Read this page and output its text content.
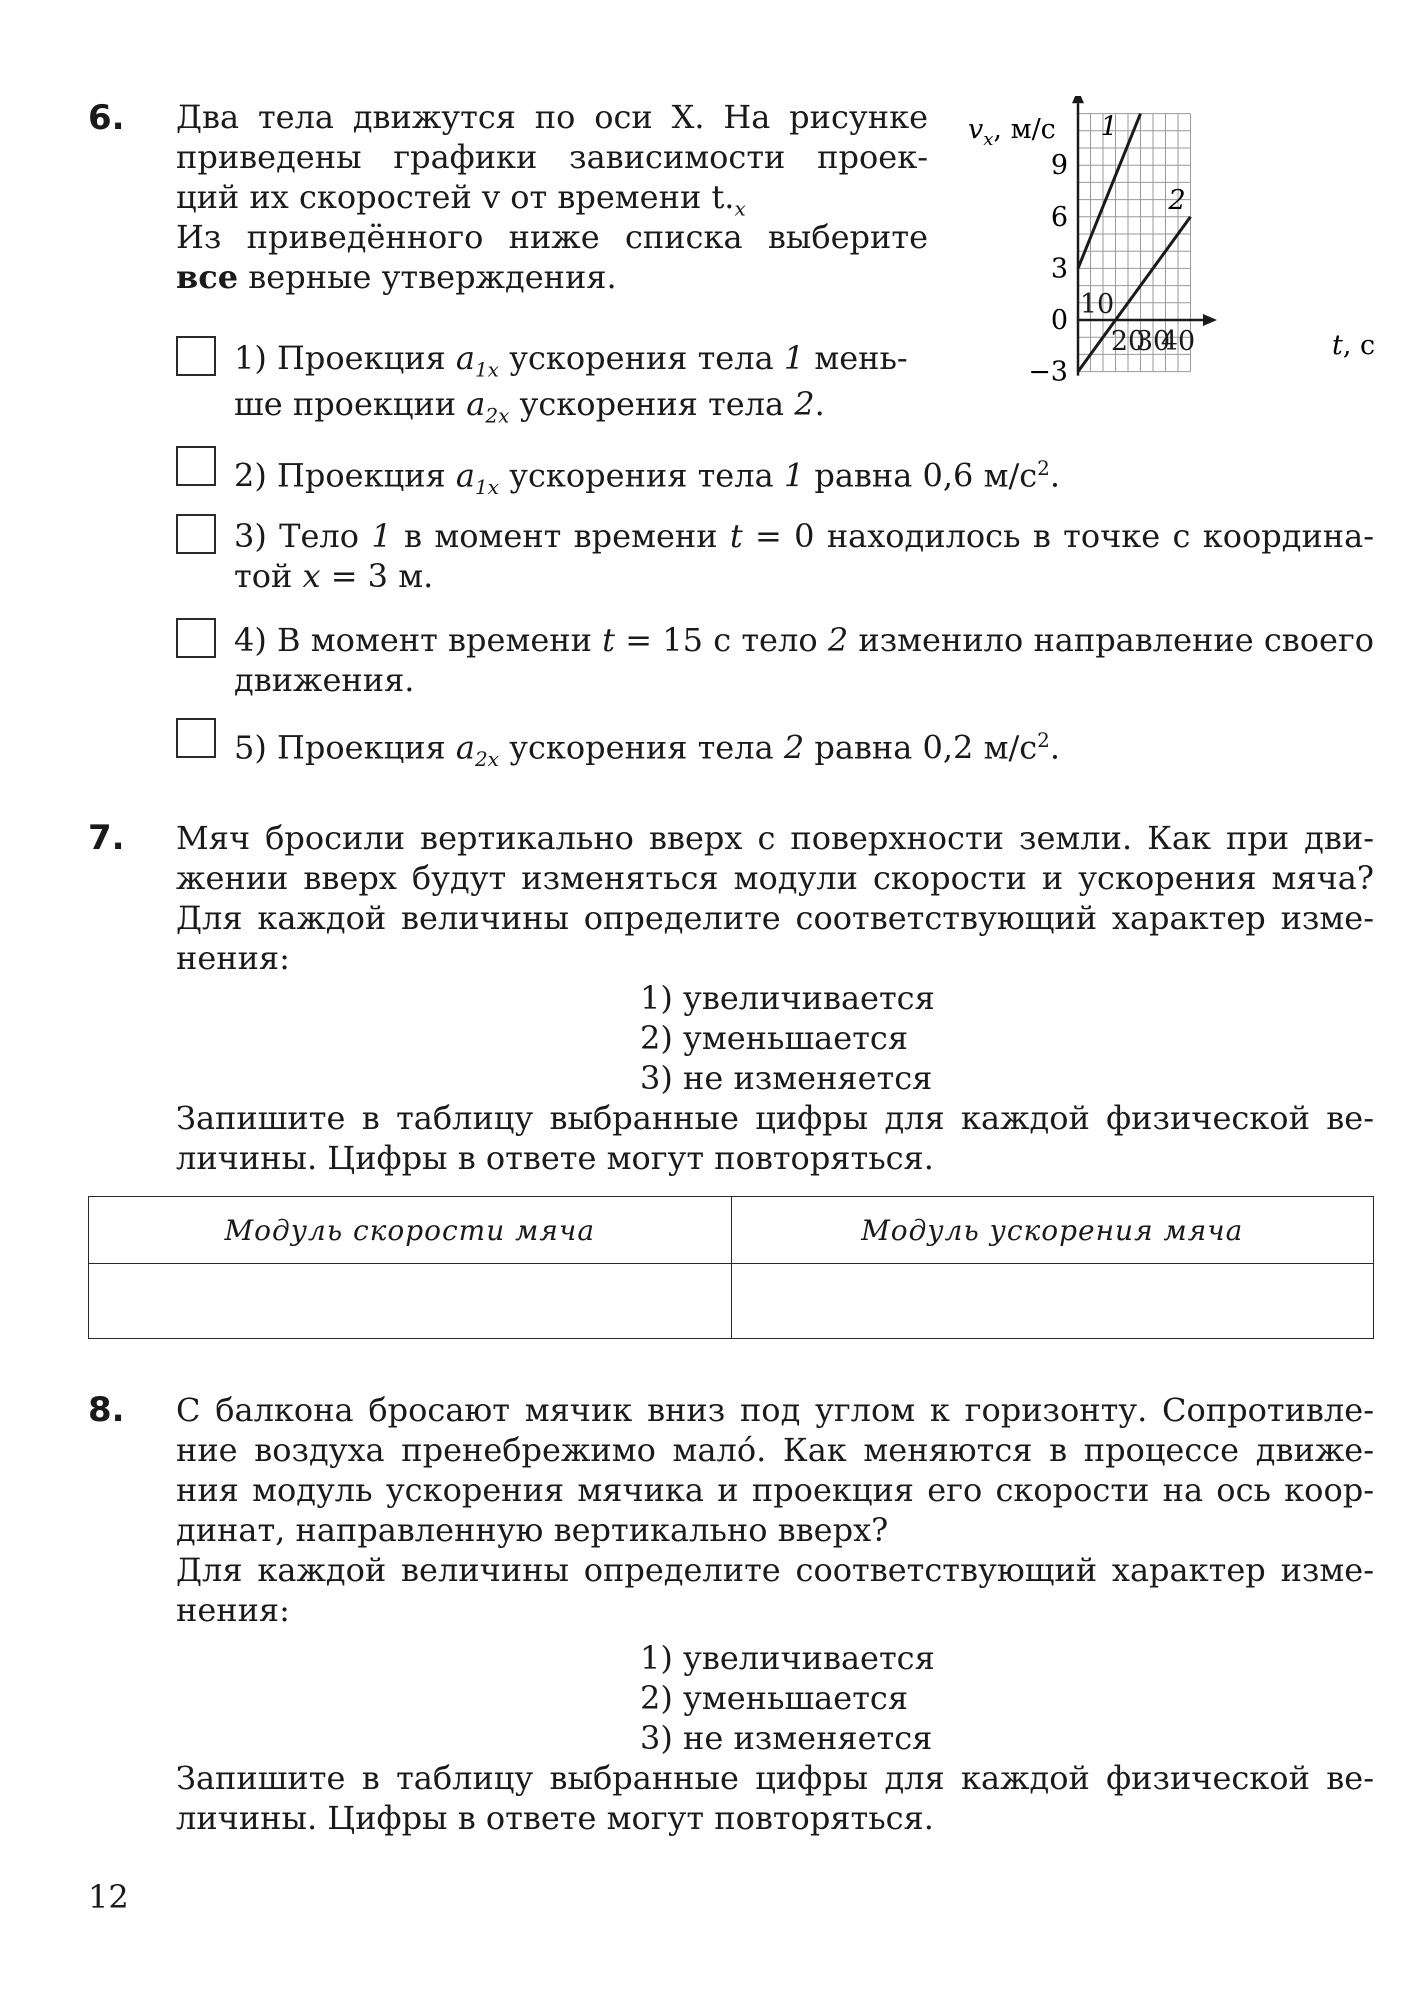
6. Два тела движутся по оси X. На рисунке
приведены графики зависимости проек-
ций их скоростей v от времени $t._x$
Из приведённого ниже списка выберите
все верные утверждения.
1) Проекция $a_{1x}$ ускорения тела 1 мень-
ше проекции $a_{2x}$ ускорения тела 2.
2) Проекция $a_{1x}$ ускорения тела 1 равна 0,6 $м/с^2$.
3) Тело 1 в момент времени t = 0 находилось в точке с координа-
той x = 3 м.
4) В момент времени t = 15 с тело 2 изменило направление своего
движения.
5) Проекция $a_{2x}$ ускорения тела 2 равна 0,2 $м/с^2$.
1
2
9
6
3
0
−3
10
20
30
40
$v_x$, м/с
t, с
7. Мяч бросили вертикально вверх с поверхности земли. Как при дви-
жении вверх будут изменяться модули скорости и ускорения мяча?
Для каждой величины определите соответствующий характер изме-
нения:
1) увеличивается
2) уменьшается
3) не изменяется
Запишите в таблицу выбранные цифры для каждой физической ве-
личины. Цифры в ответе могут повторяться.
Модуль скорости мяча	Модуль ускорения мяча

8. С балкона бросают мячик вниз под углом к горизонту. Сопротивле-
ние воздуха пренебрежимо мало́. Как меняются в процессе движе-
ния модуль ускорения мячика и проекция его скорости на ось коор-
динат, направленную вертикально вверх?
Для каждой величины определите соответствующий характер изме-
нения:
1) увеличивается
2) уменьшается
3) не изменяется
Запишите в таблицу выбранные цифры для каждой физической ве-
личины. Цифры в ответе могут повторяться.
12
